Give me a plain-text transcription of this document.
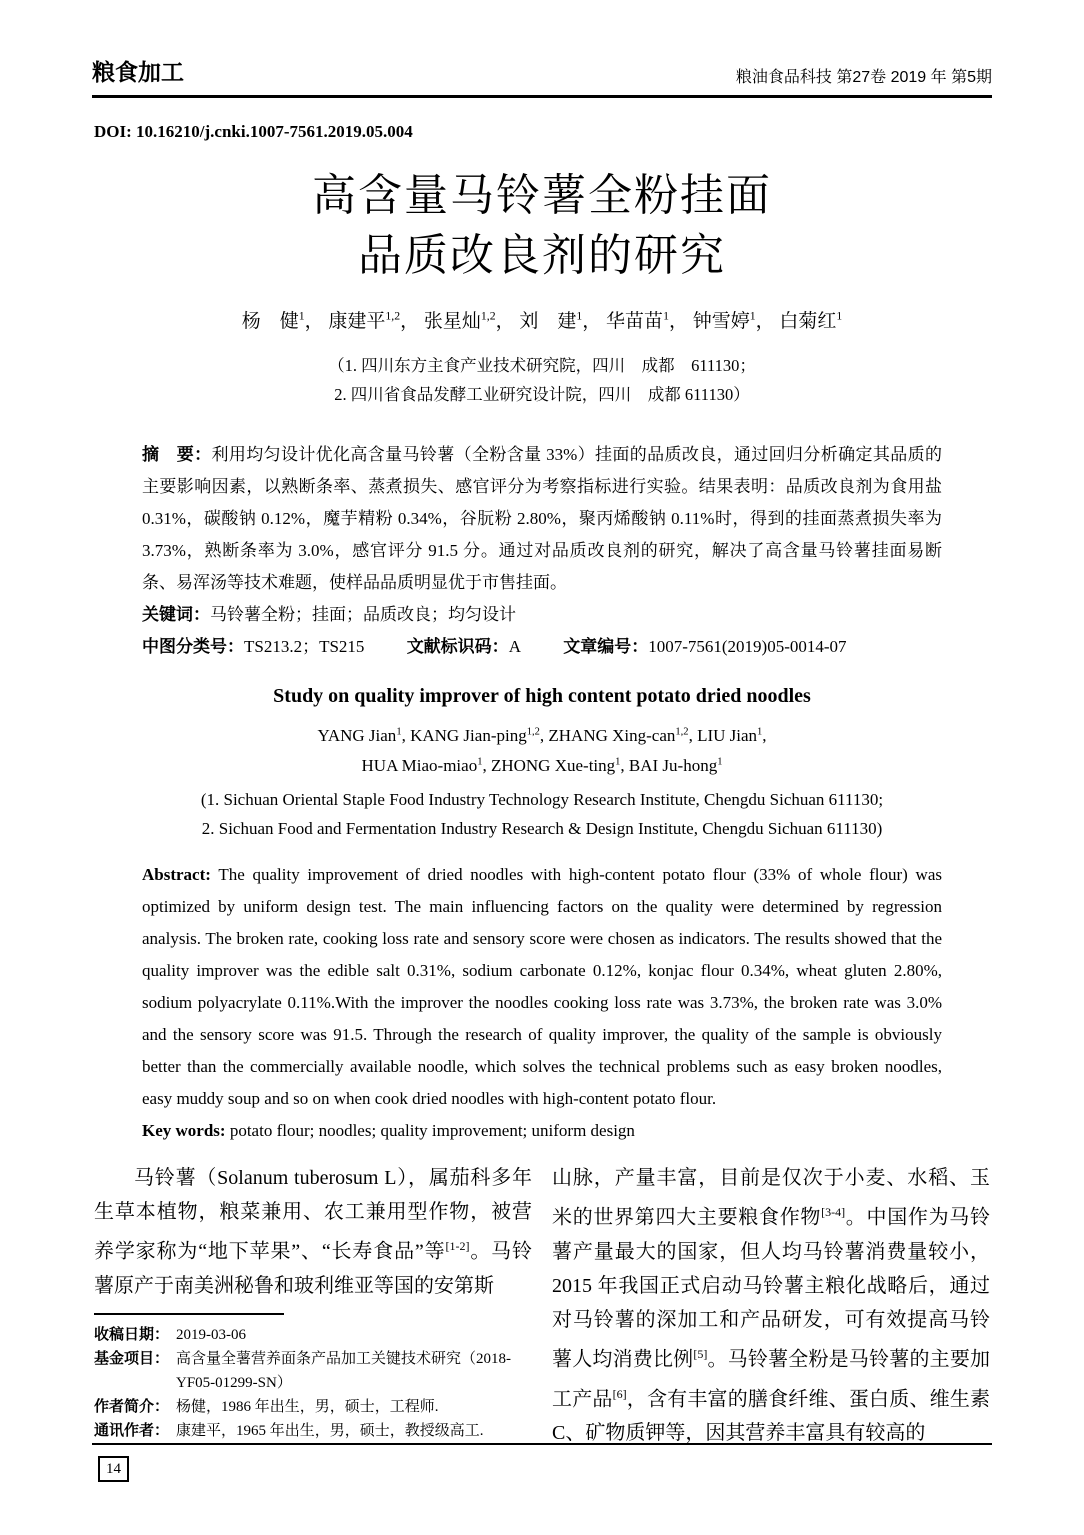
粮食加工	粮油食品科技 第27卷 2019 年 第5期
DOI: 10.16210/j.cnki.1007-7561.2019.05.004
高含量马铃薯全粉挂面
品质改良剂的研究
杨　健$^1$， 康建平$^{1,2}$， 张星灿$^{1,2}$， 刘　建$^1$， 华苗苗$^1$， 钟雪婷$^1$， 白菊红$^1$
（1. 四川东方主食产业技术研究院，四川　成都　611130；
2. 四川省食品发酵工业研究设计院，四川　成都 611130）
摘　要：利用均匀设计优化高含量马铃薯（全粉含量 33%）挂面的品质改良，通过回归分析确定其品质的主要影响因素，以熟断条率、蒸煮损失、感官评分为考察指标进行实验。结果表明：品质改良剂为食用盐 0.31%，碳酸钠 0.12%，魔芋精粉 0.34%，谷朊粉 2.80%，聚丙烯酸钠 0.11%时，得到的挂面蒸煮损失率为 3.73%，熟断条率为 3.0%，感官评分 91.5 分。通过对品质改良剂的研究，解决了高含量马铃薯挂面易断条、易浑汤等技术难题，使样品品质明显优于市售挂面。
关键词：马铃薯全粉；挂面；品质改良；均匀设计
中图分类号：TS213.2；TS215 文献标识码：A 文章编号：1007-7561(2019)05-0014-07
Study on quality improver of high content potato dried noodles
YANG Jian$^1$, KANG Jian-ping$^{1,2}$, ZHANG Xing-can$^{1,2}$, LIU Jian$^1$,
HUA Miao-miao$^1$, ZHONG Xue-ting$^1$, BAI Ju-hong$^1$
(1. Sichuan Oriental Staple Food Industry Technology Research Institute, Chengdu Sichuan 611130;
2. Sichuan Food and Fermentation Industry Research & Design Institute, Chengdu Sichuan 611130)
Abstract: The quality improvement of dried noodles with high-content potato flour (33% of whole flour) was optimized by uniform design test. The main influencing factors on the quality were determined by regression analysis. The broken rate, cooking loss rate and sensory score were chosen as indicators. The results showed that the quality improver was the edible salt 0.31%, sodium carbonate 0.12%, konjac flour 0.34%, wheat gluten 2.80%, sodium polyacrylate 0.11%.With the improver the noodles cooking loss rate was 3.73%, the broken rate was 3.0% and the sensory score was 91.5. Through the research of quality improver, the quality of the sample is obviously better than the commercially available noodle, which solves the technical problems such as easy broken noodles, easy muddy soup and so on when cook dried noodles with high-content potato flour.
Key words: potato flour; noodles; quality improvement; uniform design

马铃薯（Solanum tuberosum L），属茄科多年生草本植物，粮菜兼用、农工兼用型作物，被营养学家称为“地下苹果”、“长寿食品”等[1-2]。马铃薯原产于南美洲秘鲁和玻利维亚等国的安第斯

收稿日期： 2019-03-06
基金项目： 高含量全薯营养面条产品加工关键技术研究（2018-YF05-01299-SN）
作者简介： 杨健，1986 年出生，男，硕士，工程师.
通讯作者： 康建平，1965 年出生，男，硕士，教授级高工.

山脉，产量丰富，目前是仅次于小麦、水稻、玉米的世界第四大主要粮食作物[3-4]。中国作为马铃薯产量最大的国家，但人均马铃薯消费量较小，2015 年我国正式启动马铃薯主粮化战略后，通过对马铃薯的深加工和产品研发，可有效提高马铃薯人均消费比例[5]。马铃薯全粉是马铃薯的主要加工产品[6]，含有丰富的膳食纤维、蛋白质、维生素 C、矿物质钾等，因其营养丰富具有较高的

14
